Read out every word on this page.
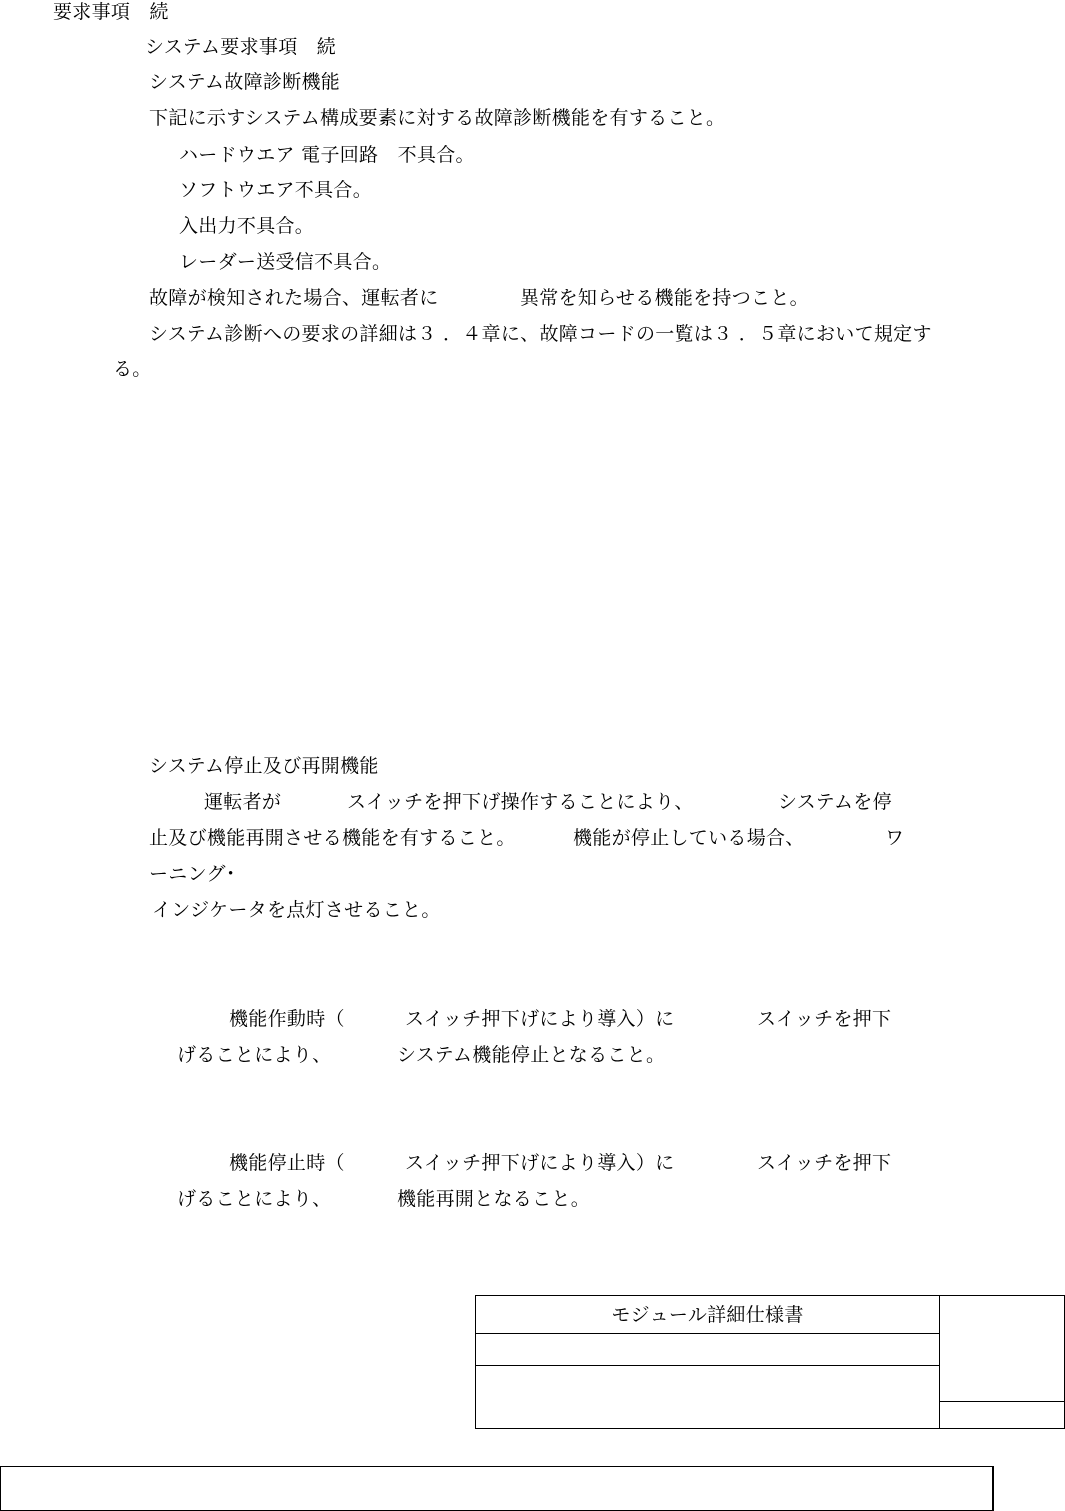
要求事項　続
システム要求事項　続
システム故障診断機能
下記に示すシステム構成要素に対する故障診断機能を有すること。
ハードウエア 電子回路　不具合。
ソフトウエア不具合。
入出力不具合。
レーダー送受信不具合。
故障が検知された場合、運転者に	異常を知らせる機能を持つこと。
システム診断への要求の詳細は３ ．４章に、故障コードの一覧は３ ．５章において規定す
る。
システム停止及び再開機能
運転者が	スイッチを押下げ操作することにより、	システムを停
止及び機能再開させる機能を有すること。	機能が停止している場合、	ワ
ーニング･
インジケータを点灯させること。
機能作動時（	スイッチ押下げにより導入）に	スイッチを押下
げることにより、	システム機能停止となること。
機能停止時（	スイッチ押下げにより導入）に	スイッチを押下
げることにより、	機能再開となること。
モジュール詳細仕様書
